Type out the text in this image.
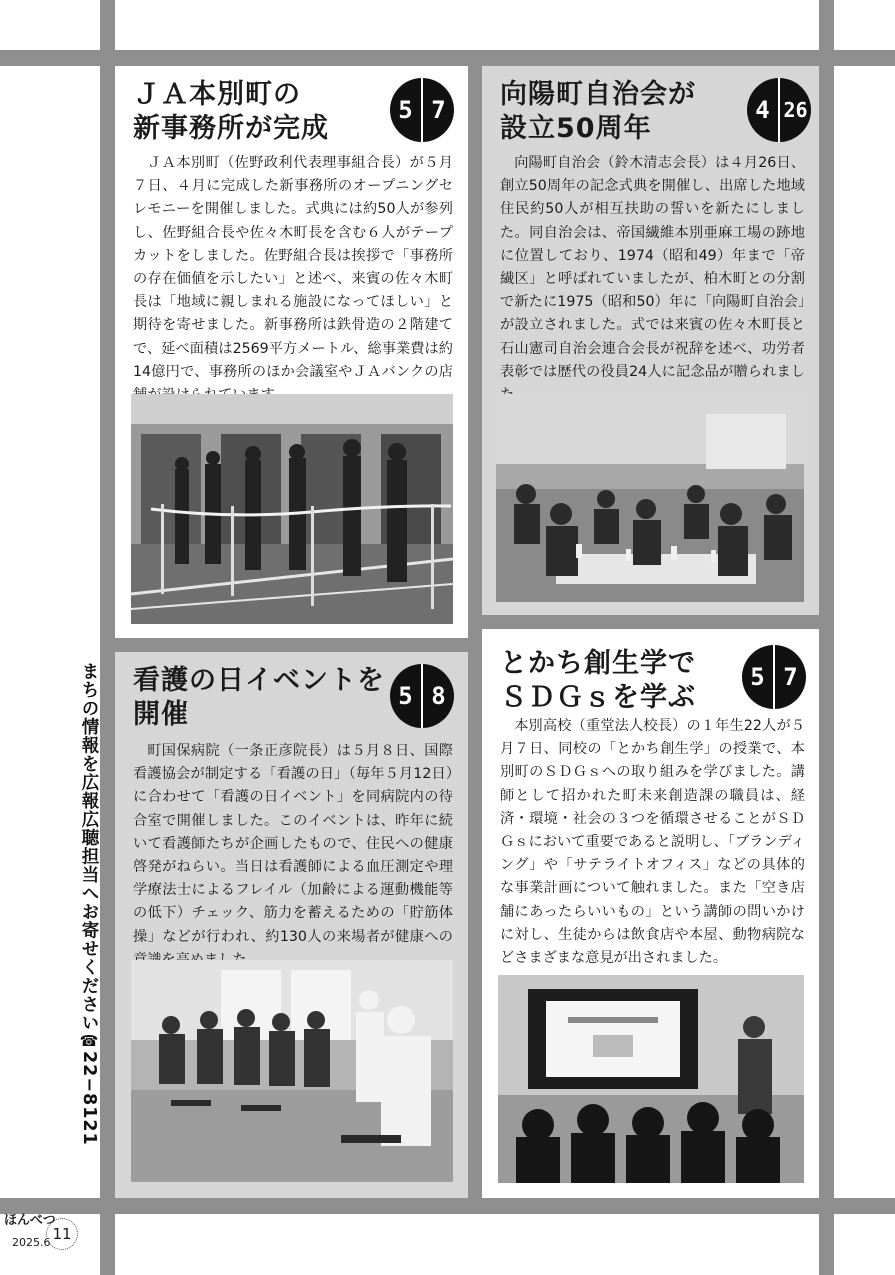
ＪＡ本別町の
新事務所が完成
5 7
ＪＡ本別町（佐野政利代表理事組合長）が５月７日、４月に完成した新事務所のオープニングセレモニーを開催しました。式典には約50人が参列し、佐野組合長や佐々木町長を含む６人がテープカットをしました。佐野組合長は挨拶で「事務所の存在価値を示したい」と述べ、来賓の佐々木町長は「地域に親しまれる施設になってほしい」と期待を寄せました。新事務所は鉄骨造の２階建てで、延べ面積は2569平方メートル、総事業費は約14億円で、事務所のほか会議室やＪＡバンクの店
向陽町自治会が
設立50周年
4 26
向陽町自治会（鈴木清志会長）は４月26日、創立50周年の記念式典を開催し、出席した地域住民約50人が相互扶助の誓いを新たにしました。同自治会は、帝国繊維本別亜麻工場の跡地に位置しており、1974（昭和49）年まで「帝繊区」と呼ばれていましたが、柏木町との分割で新たに1975（昭和50）年に「向陽町自治会」が設立されました。式では来賓の佐々木町長と石山憲司自治会連合会長が祝辞を述べ、功労者表彰では歴代の役員24人に記念品が贈られまし
看護の日イベントを
開催
5 8
町国保病院（一条正彦院長）は５月８日、国際看護協会が制定する「看護の日」（毎年５月12日）に合わせて「看護の日イベント」を同病院内の待合室で開催しました。このイベントは、昨年に続いて看護師たちが企画したもので、住民への健康啓発がねらい。当日は看護師による血圧測定や理学療法士によるフレイル（加齢による運動機能等の低下）チェック、筋力を蓄えるための「貯筋体操」などが行われ、約130人の来場者が健康への
とかち創生学で
ＳＤＧｓを学ぶ
5 7
本別高校（重堂法人校長）の１年生22人が５月７日、同校の「とかち創生学」の授業で、本別町のＳＤＧｓへの取り組みを学びました。講師として招かれた町未来創造課の職員は、経済・環境・社会の３つを循環させることがＳＤＧｓにおいて重要であると説明し、「ブランディング」や「サテライトオフィス」などの具体的な事業計画について触れました。また「空き店舗にあったらいいもの」という講師の問いかけに対し、生徒からは飲食店や本屋、動物病院などさまざまな意見が出されました。
まちの情報を広報広聴担当へお寄せください☎22−8121
ほんべつ
2025.6 11
